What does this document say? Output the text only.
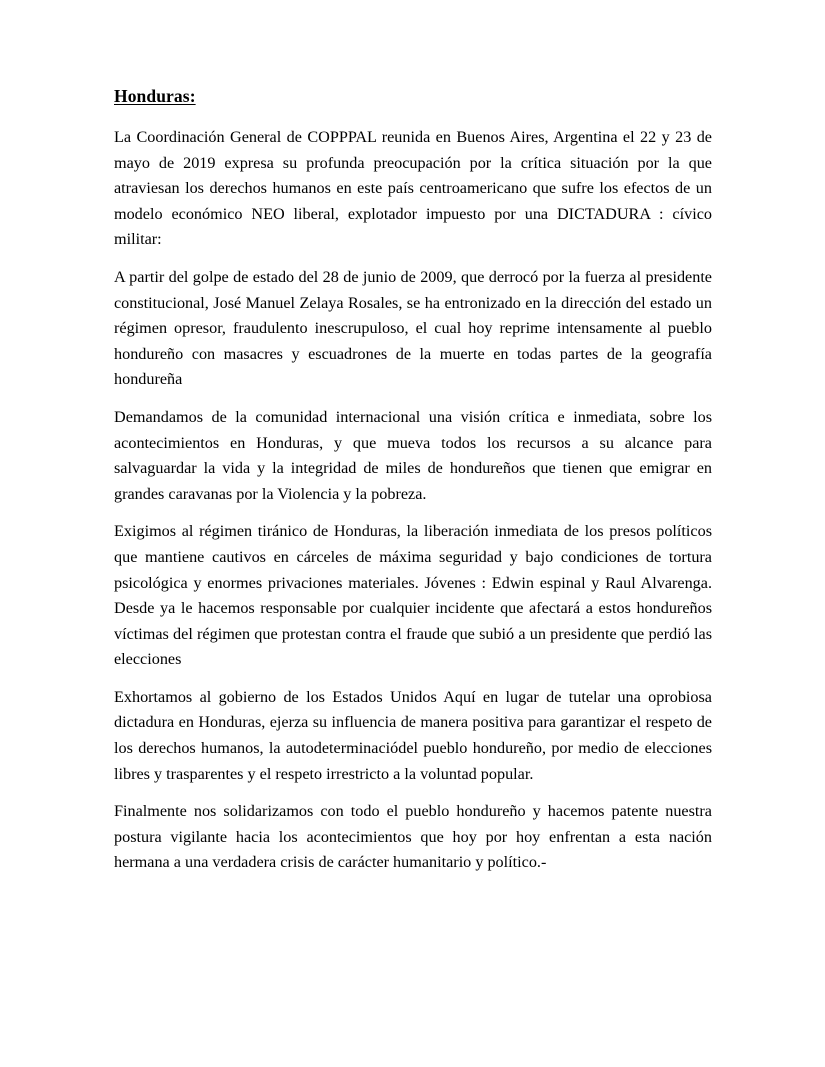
Honduras:

La Coordinación General de COPPPAL reunida en Buenos Aires, Argentina el 22 y 23 de mayo de 2019 expresa su profunda preocupación por la crítica situación por la que atraviesan los derechos humanos en este país centroamericano que sufre los efectos de un modelo económico NEO liberal, explotador impuesto por una DICTADURA : cívico militar:

A partir del golpe de estado del 28 de junio de 2009, que derrocó por la fuerza al presidente constitucional, José Manuel Zelaya Rosales, se ha entronizado en la dirección del estado un régimen opresor, fraudulento inescrupuloso, el cual hoy reprime intensamente al pueblo hondureño con masacres y escuadrones de la muerte en todas partes de la geografía hondureña

Demandamos de la comunidad internacional una visión crítica e inmediata, sobre los acontecimientos en Honduras, y que mueva todos los recursos a su alcance para salvaguardar la vida y la integridad de miles de hondureños que tienen que emigrar en grandes caravanas por la Violencia y la pobreza.

Exigimos al régimen tiránico de Honduras, la liberación inmediata de los presos políticos que mantiene cautivos en cárceles de máxima seguridad y bajo condiciones de tortura psicológica y enormes privaciones materiales. Jóvenes : Edwin espinal y Raul Alvarenga. Desde ya le hacemos responsable por cualquier incidente que afectará a estos hondureños víctimas del régimen que protestan contra el fraude que subió a un presidente que perdió las elecciones

Exhortamos al gobierno de los Estados Unidos Aquí en lugar de tutelar una oprobiosa dictadura en Honduras, ejerza su influencia de manera positiva para garantizar el respeto de los derechos humanos, la autodeterminaciódel pueblo hondureño, por medio de elecciones libres y trasparentes y el respeto irrestricto a la voluntad popular.

Finalmente nos solidarizamos con todo el pueblo hondureño y hacemos patente nuestra postura vigilante hacia los acontecimientos que hoy por hoy enfrentan a esta nación hermana a una verdadera crisis de carácter humanitario y político.-
